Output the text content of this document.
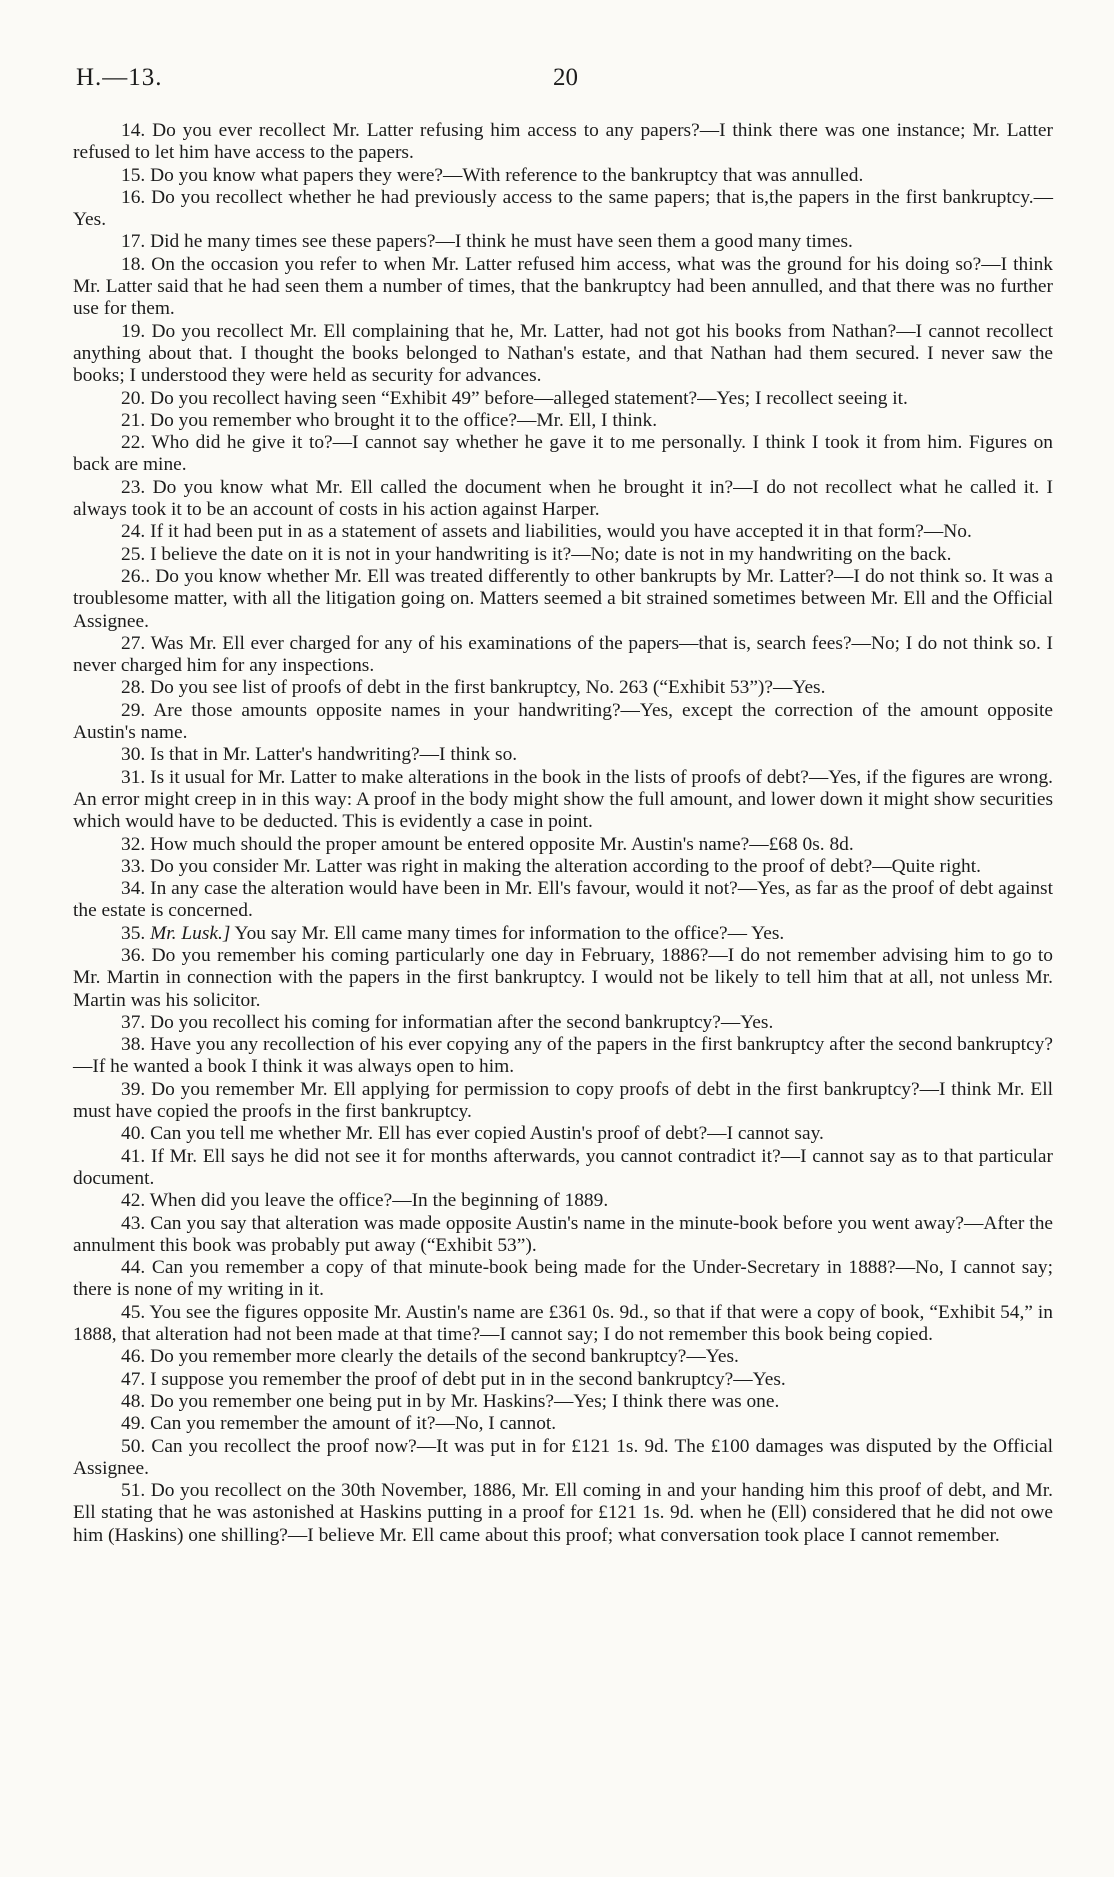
H.—13.	20

14. Do you ever recollect Mr. Latter refusing him access to any papers?—I think there was one instance; Mr. Latter refused to let him have access to the papers.

15. Do you know what papers they were?—With reference to the bankruptcy that was annulled.

16. Do you recollect whether he had previously access to the same papers; that is,the papers in the first bankruptcy.—Yes.

17. Did he many times see these papers?—I think he must have seen them a good many times.

18. On the occasion you refer to when Mr. Latter refused him access, what was the ground for his doing so?—I think Mr. Latter said that he had seen them a number of times, that the bankruptcy had been annulled, and that there was no further use for them.

19. Do you recollect Mr. Ell complaining that he, Mr. Latter, had not got his books from Nathan?—I cannot recollect anything about that. I thought the books belonged to Nathan's estate, and that Nathan had them secured. I never saw the books; I understood they were held as security for advances.

20. Do you recollect having seen “Exhibit 49” before—alleged statement?—Yes; I recollect seeing it.

21. Do you remember who brought it to the office?—Mr. Ell, I think.

22. Who did he give it to?—I cannot say whether he gave it to me personally. I think I took it from him. Figures on back are mine.

23. Do you know what Mr. Ell called the document when he brought it in?—I do not recollect what he called it. I always took it to be an account of costs in his action against Harper.

24. If it had been put in as a statement of assets and liabilities, would you have accepted it in that form?—No.

25. I believe the date on it is not in your handwriting is it?—No; date is not in my handwriting on the back.

26.. Do you know whether Mr. Ell was treated differently to other bankrupts by Mr. Latter?—I do not think so. It was a troublesome matter, with all the litigation going on. Matters seemed a bit strained sometimes between Mr. Ell and the Official Assignee.

27. Was Mr. Ell ever charged for any of his examinations of the papers—that is, search fees?—No; I do not think so. I never charged him for any inspections.

28. Do you see list of proofs of debt in the first bankruptcy, No. 263 (“Exhibit 53”)?—Yes.

29. Are those amounts opposite names in your handwriting?—Yes, except the correction of the amount opposite Austin's name.

30. Is that in Mr. Latter's handwriting?—I think so.

31. Is it usual for Mr. Latter to make alterations in the book in the lists of proofs of debt?—Yes, if the figures are wrong. An error might creep in in this way: A proof in the body might show the full amount, and lower down it might show securities which would have to be deducted. This is evidently a case in point.

32. How much should the proper amount be entered opposite Mr. Austin's name?—£68 0s. 8d.

33. Do you consider Mr. Latter was right in making the alteration according to the proof of debt?—Quite right.

34. In any case the alteration would have been in Mr. Ell's favour, would it not?—Yes, as far as the proof of debt against the estate is concerned.

35. Mr. Lusk.] You say Mr. Ell came many times for information to the office?— Yes.

36. Do you remember his coming particularly one day in February, 1886?—I do not remember advising him to go to Mr. Martin in connection with the papers in the first bankruptcy. I would not be likely to tell him that at all, not unless Mr. Martin was his solicitor.

37. Do you recollect his coming for informatian after the second bankruptcy?—Yes.

38. Have you any recollection of his ever copying any of the papers in the first bankruptcy after the second bankruptcy?—If he wanted a book I think it was always open to him.

39. Do you remember Mr. Ell applying for permission to copy proofs of debt in the first bankruptcy?—I think Mr. Ell must have copied the proofs in the first bankruptcy.

40. Can you tell me whether Mr. Ell has ever copied Austin's proof of debt?—I cannot say.

41. If Mr. Ell says he did not see it for months afterwards, you cannot contradict it?—I cannot say as to that particular document.

42. When did you leave the office?—In the beginning of 1889.

43. Can you say that alteration was made opposite Austin's name in the minute-book before you went away?—After the annulment this book was probably put away (“Exhibit 53”).

44. Can you remember a copy of that minute-book being made for the Under-Secretary in 1888?—No, I cannot say; there is none of my writing in it.

45. You see the figures opposite Mr. Austin's name are £361 0s. 9d., so that if that were a copy of book, “Exhibit 54,” in 1888, that alteration had not been made at that time?—I cannot say; I do not remember this book being copied.

46. Do you remember more clearly the details of the second bankruptcy?—Yes.

47. I suppose you remember the proof of debt put in in the second bankruptcy?—Yes.

48. Do you remember one being put in by Mr. Haskins?—Yes; I think there was one.

49. Can you remember the amount of it?—No, I cannot.

50. Can you recollect the proof now?—It was put in for £121 1s. 9d. The £100 damages was disputed by the Official Assignee.

51. Do you recollect on the 30th November, 1886, Mr. Ell coming in and your handing him this proof of debt, and Mr. Ell stating that he was astonished at Haskins putting in a proof for £121 1s. 9d. when he (Ell) considered that he did not owe him (Haskins) one shilling?—I believe Mr. Ell came about this proof; what conversation took place I cannot remember.
